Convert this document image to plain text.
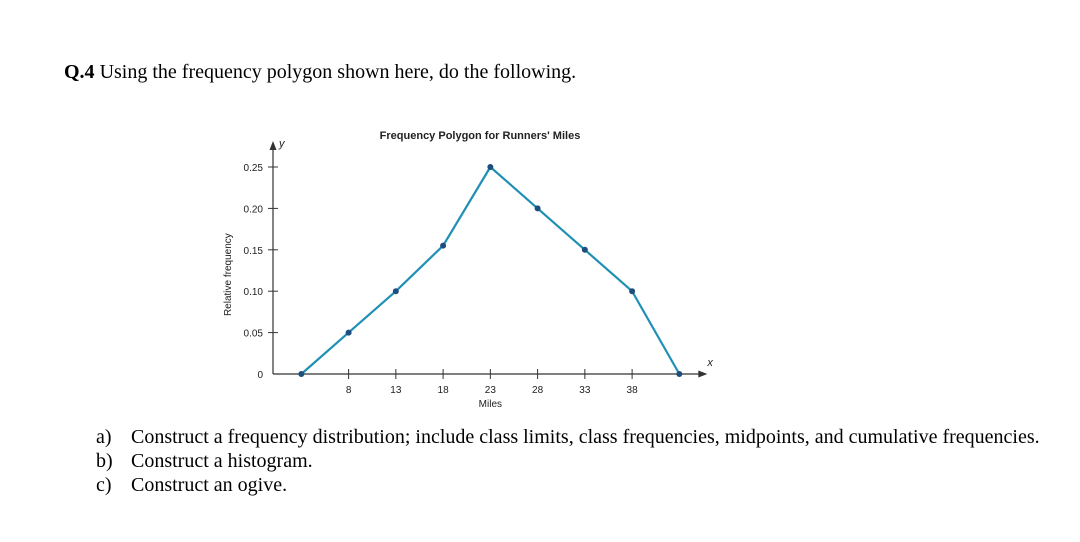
Q.4 Using the frequency polygon shown here, do the following.
x
y
Frequency Polygon for Runners' Miles
0
0.05
0.10
0.15
0.20
0.25
8	13	18	23	28	33	38
Relative frequency
Miles
a) Construct a frequency distribution; include class limits, class frequencies, midpoints, and cumulative frequencies.
b) Construct a histogram.
c) Construct an ogive.
